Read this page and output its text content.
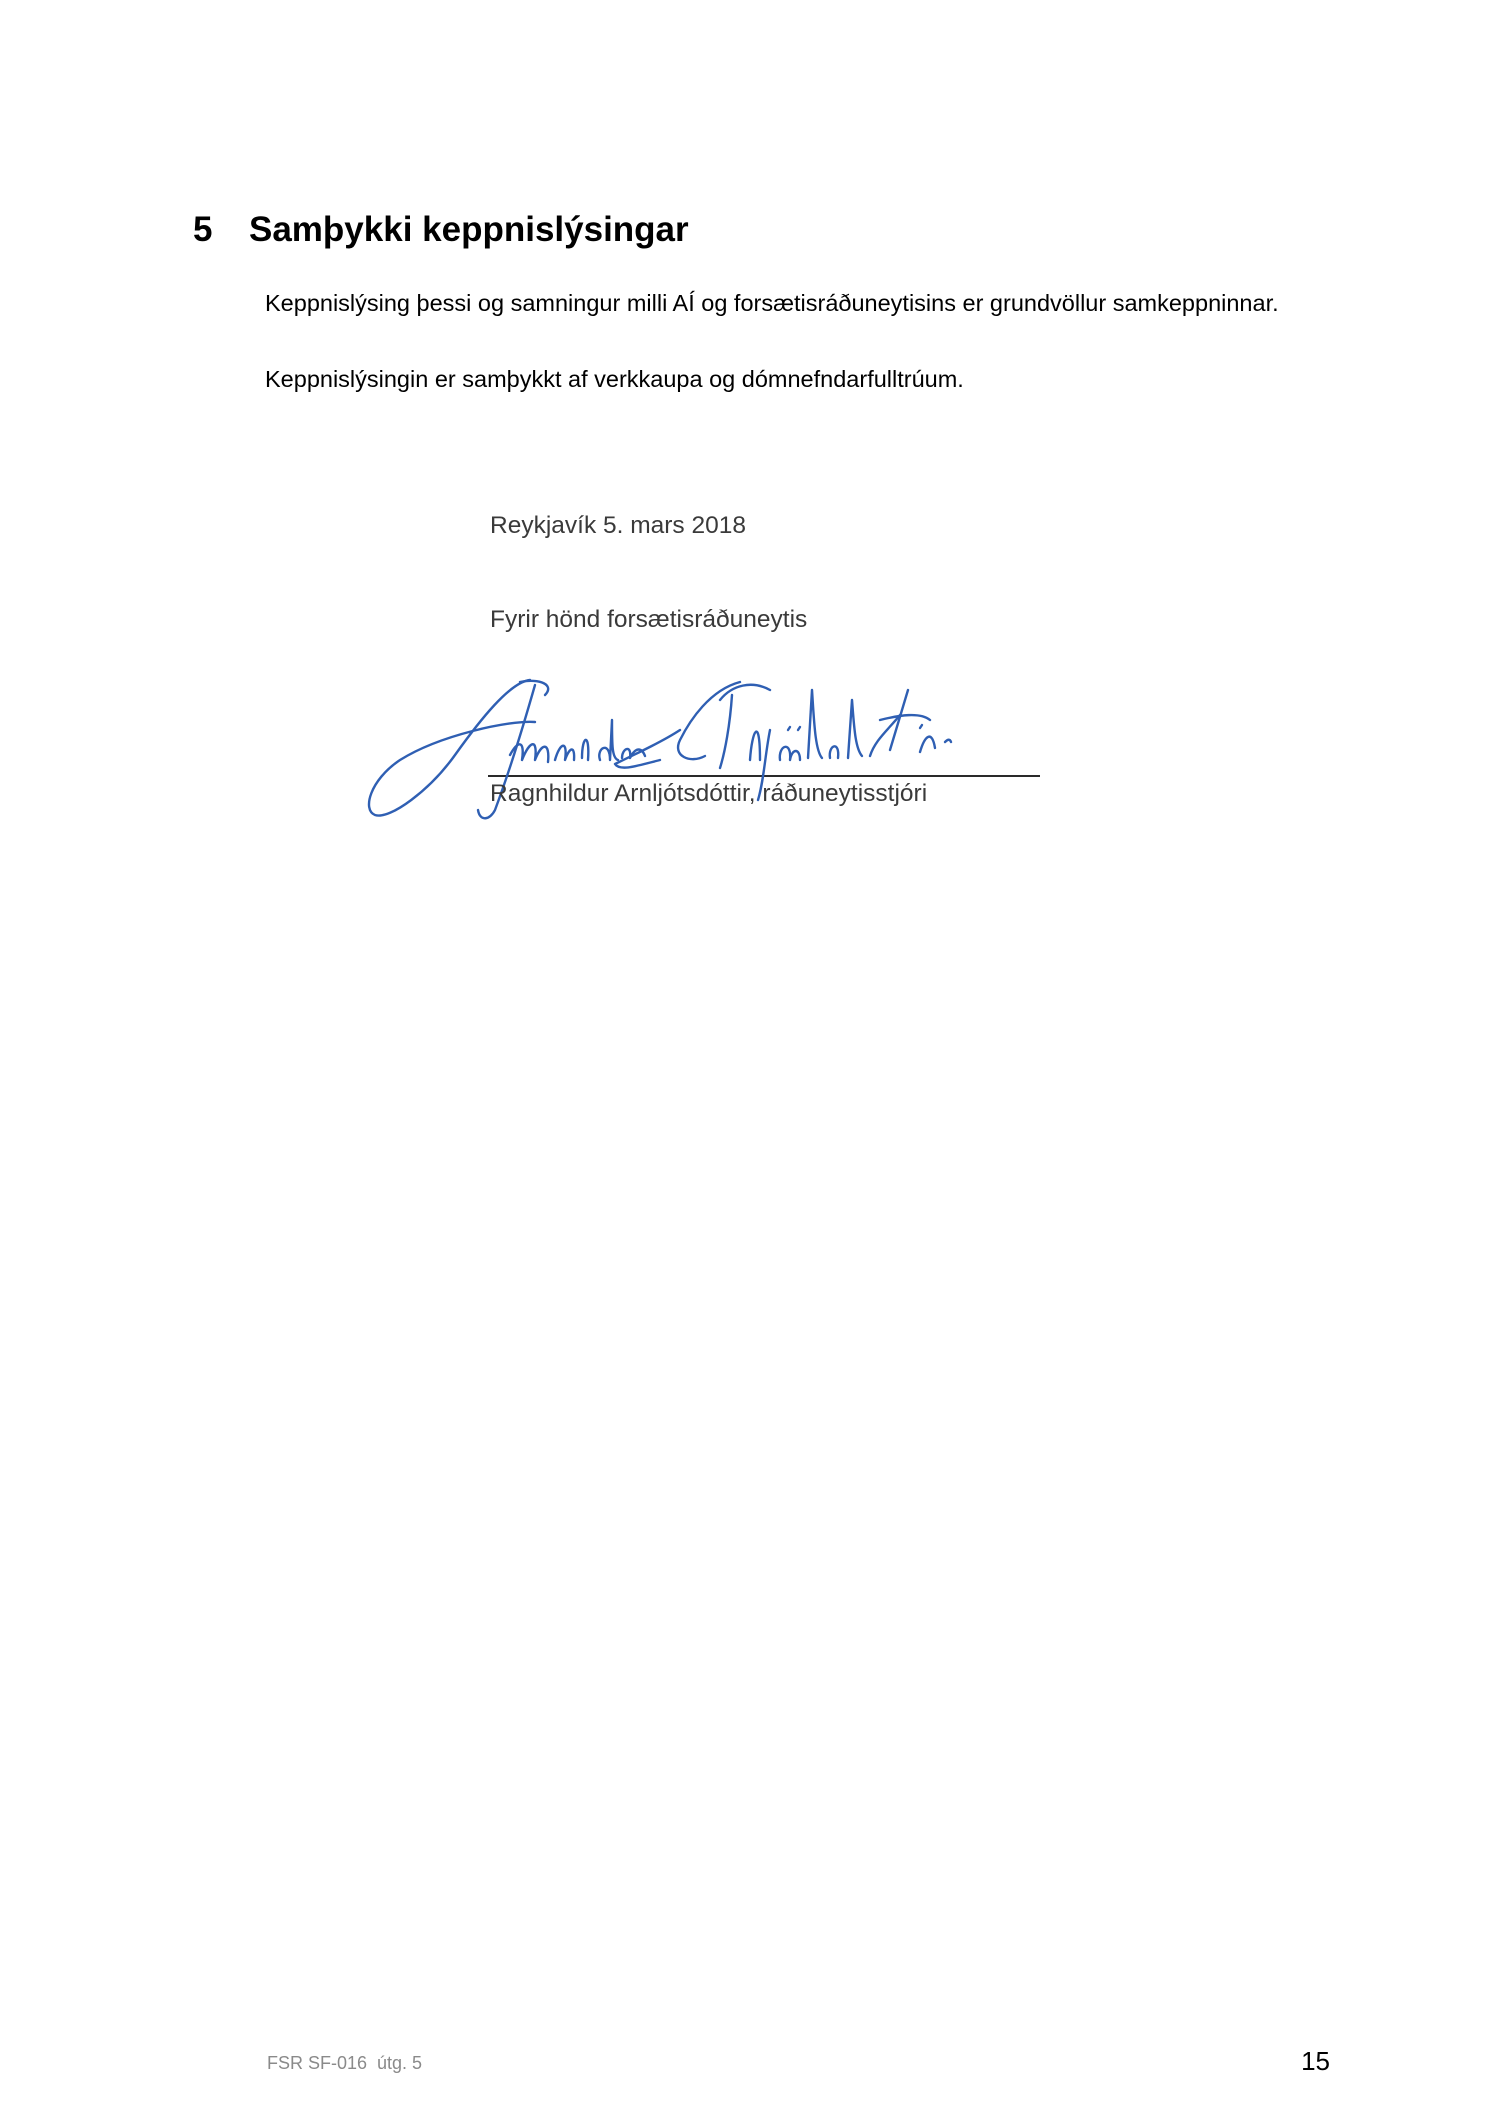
5 Samþykki keppnislýsingar
Keppnislýsing þessi og samningur milli AÍ og forsætisráðuneytisins er grundvöllur samkeppninnar.
Keppnislýsingin er samþykkt af verkkaupa og dómnefndarfulltrúum.
Reykjavík 5. mars 2018
Fyrir hönd forsætisráðuneytis
Ragnhildur Arnljótsdóttir, ráðuneytisstjóri
FSR SF-016  útg. 5	15
